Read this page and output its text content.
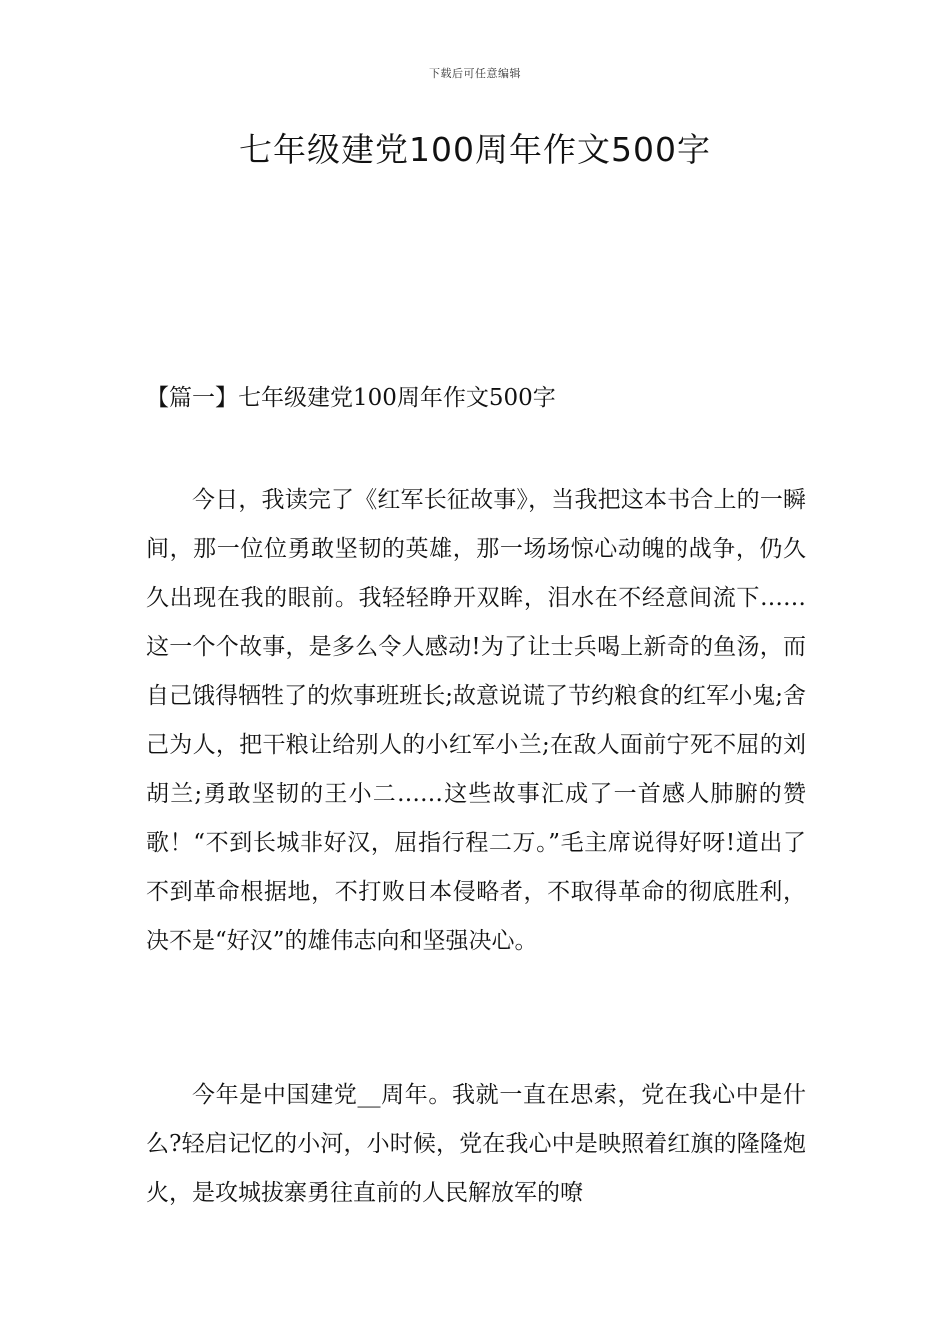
下载后可任意编辑
七年级建党100周年作文500字
【篇一】七年级建党100周年作文500字

今日，我读完了《红军长征故事》，当我把这本书合上的一瞬间，那一位位勇敢坚韧的英雄，那一场场惊心动魄的战争，仍久久出现在我的眼前。我轻轻睁开双眸，泪水在不经意间流下……这一个个故事，是多么令人感动!为了让士兵喝上新奇的鱼汤，而自己饿得牺牲了的炊事班班长;故意说谎了节约粮食的红军小鬼;舍己为人，把干粮让给别人的小红军小兰;在敌人面前宁死不屈的刘胡兰;勇敢坚韧的王小二……这些故事汇成了一首感人肺腑的赞歌！“不到长城非好汉，屈指行程二万。”毛主席说得好呀!道出了不到革命根据地，不打败日本侵略者，不取得革命的彻底胜利，决不是“好汉”的雄伟志向和坚强决心。

今年是中国建党__周年。我就一直在思索，党在我心中是什么?轻启记忆的小河，小时候，党在我心中是映照着红旗的隆隆炮火，是攻城拔寨勇往直前的人民解放军的嘹
